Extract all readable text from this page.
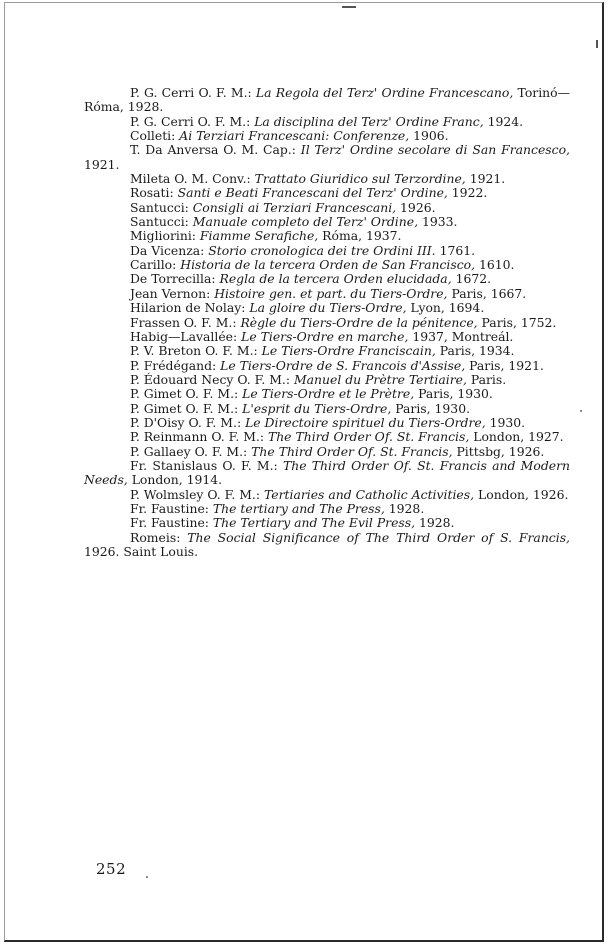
P. G. Cerri O. F. M.: La Regola del Terz' Ordine Francescano, Torinó—Róma, 1928.

P. G. Cerri O. F. M.: La disciplina del Terz' Ordine Franc, 1924.

Colleti: Ai Terziari Francescani: Conferenze, 1906.

T. Da Anversa O. M. Cap.: Il Terz' Ordine secolare di San Francesco, 1921.

Mileta O. M. Conv.: Trattato Giuridico sul Terzordine, 1921.

Rosati: Santi e Beati Francescani del Terz' Ordine, 1922.

Santucci: Consigli ai Terziari Francescani, 1926.

Santucci: Manuale completo del Terz' Ordine, 1933.

Migliorini: Fiamme Serafiche, Róma, 1937.

Da Vicenza: Storio cronologica dei tre Ordini III. 1761.

Carillo: Historia de la tercera Orden de San Francisco, 1610.

De Torrecilla: Regla de la tercera Orden elucidada, 1672.

Jean Vernon: Histoire gen. et part. du Tiers-Ordre, Paris, 1667.

Hilarion de Nolay: La gloire du Tiers-Ordre, Lyon, 1694.

Frassen O. F. M.: Règle du Tiers-Ordre de la pénitence, Paris, 1752.

Habig—Lavallée: Le Tiers-Ordre en marche, 1937, Montreál.

P. V. Breton O. F. M.: Le Tiers-Ordre Franciscain, Paris, 1934.

P. Frédégand: Le Tiers-Ordre de S. Francois d'Assise, Paris, 1921.

P. Édouard Necy O. F. M.: Manuel du Prètre Tertiaire, Paris.

P. Gimet O. F. M.: Le Tiers-Ordre et le Prètre, Paris, 1930.

P. Gimet O. F. M.: L'esprit du Tiers-Ordre, Paris, 1930.

P. D'Oisy O. F. M.: Le Directoire spirituel du Tiers-Ordre, 1930.

P. Reinmann O. F. M.: The Third Order Of. St. Francis, London, 1927.

P. Gallaey O. F. M.: The Third Order Of. St. Francis, Pittsbg, 1926.

Fr. Stanislaus O. F. M.: The Third Order Of. St. Francis and Modern Needs, London, 1914.

P. Wolmsley O. F. M.: Tertiaries and Catholic Activities, London, 1926.

Fr. Faustine: The tertiary and The Press, 1928.

Fr. Faustine: The Tertiary and The Evil Press, 1928.

Romeis: The Social Significance of The Third Order of S. Francis, 1926. Saint Louis.

252
